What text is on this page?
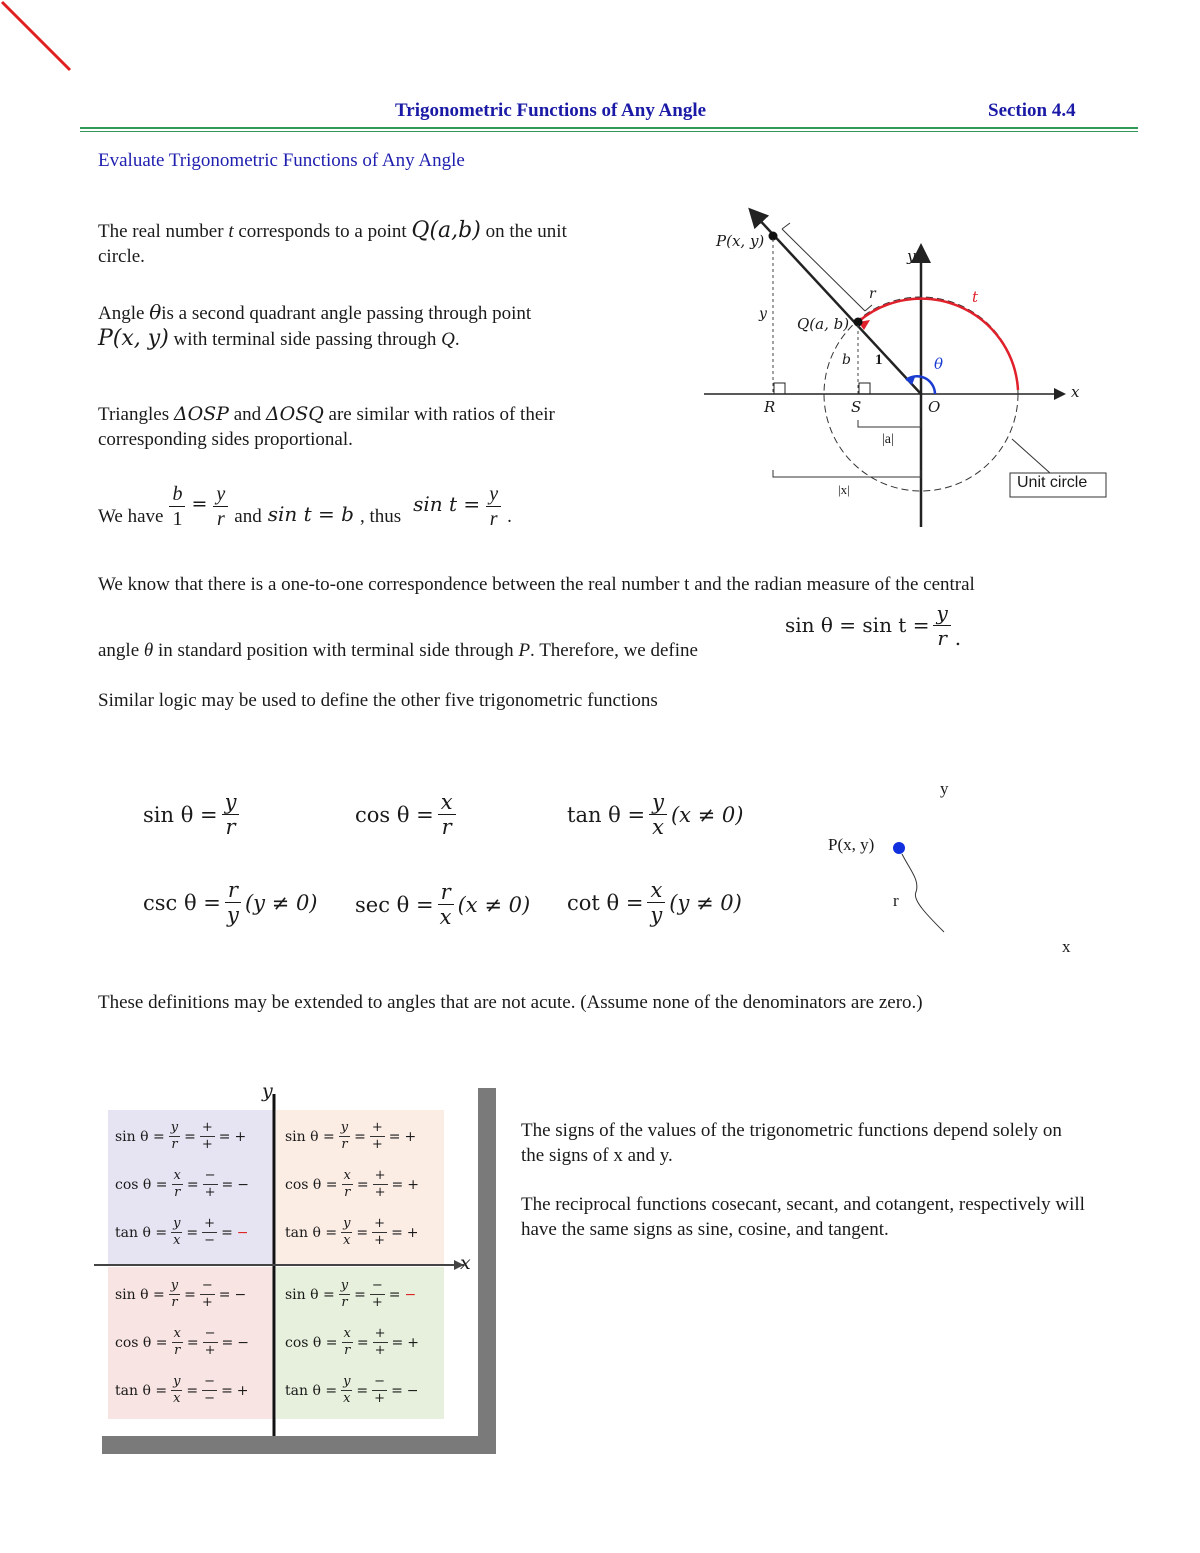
Trigonometric Functions of Any Angle	Section 4.4
Evaluate Trigonometric Functions of Any Angle
The real number t corresponds to a point Q(a,b) on the unit
circle.
Angle θis a second quadrant angle passing through point
P(x, y) with terminal side passing through Q.
Triangles ΔOSP and ΔOSQ are similar with ratios of their
corresponding sides proportional.
We have $\frac{b}{1} = \frac{y}{r}$ and sin t = b , thus
$\sin t = \frac{y}{r}$ .
We know that there is a one-to-one correspondence between the real number t and the radian measure of the central
angle θ in standard position with terminal side through P. Therefore, we define
$\sin \theta = \sin t = \frac{y}{r}$ .
Similar logic may be used to define the other five trigonometric functions
$\sin \theta = \frac{y}{r}$	$\cos \theta = \frac{x}{r}$	$\tan \theta = \frac{y}{x} (x \ne 0)$
$\csc \theta = \frac{r}{y} (y \ne 0)$ $\sec \theta = \frac{r}{x} (x \ne 0)$ $\cot \theta = \frac{x}{y} (y \ne 0)$
y
P(x, y)
r
x
These definitions may be extended to angles that are not acute. (Assume none of the denominators are zero.)
P(x, y)
Q(a, b)
y
x
r	t
y
b 1	θ
R	S	O
|a|
|x|	Unit circle
y
x
$\sin \theta = \frac{y}{r}$ =
+
+ = +
$\cos \theta = \frac{x}{r}$ =
−
+ = −
$\tan \theta = \frac{y}{x}$ =
+
− = −
$\sin \theta = \frac{y}{r}$ =
+
+ = +
$\cos \theta = \frac{x}{r}$ =
+
+ = +
$\tan \theta = \frac{y}{x}$ =
+
+ = +
$\sin \theta = \frac{y}{r}$ =
−
+ = −
$\cos \theta = \frac{x}{r}$ =
−
+ = −
$\tan \theta = \frac{y}{x}$ =
−
− = +
$\sin \theta = \frac{y}{r}$ =
−
+ = −
$\cos \theta = \frac{x}{r}$ =
+
+ = +
$\tan \theta = \frac{y}{x}$ =
−
+ = −
The signs of the values of the trigonometric functions depend solely on the signs of x and y.
The reciprocal functions cosecant, secant, and cotangent, respectively will have the same signs as sine, cosine, and tangent.
